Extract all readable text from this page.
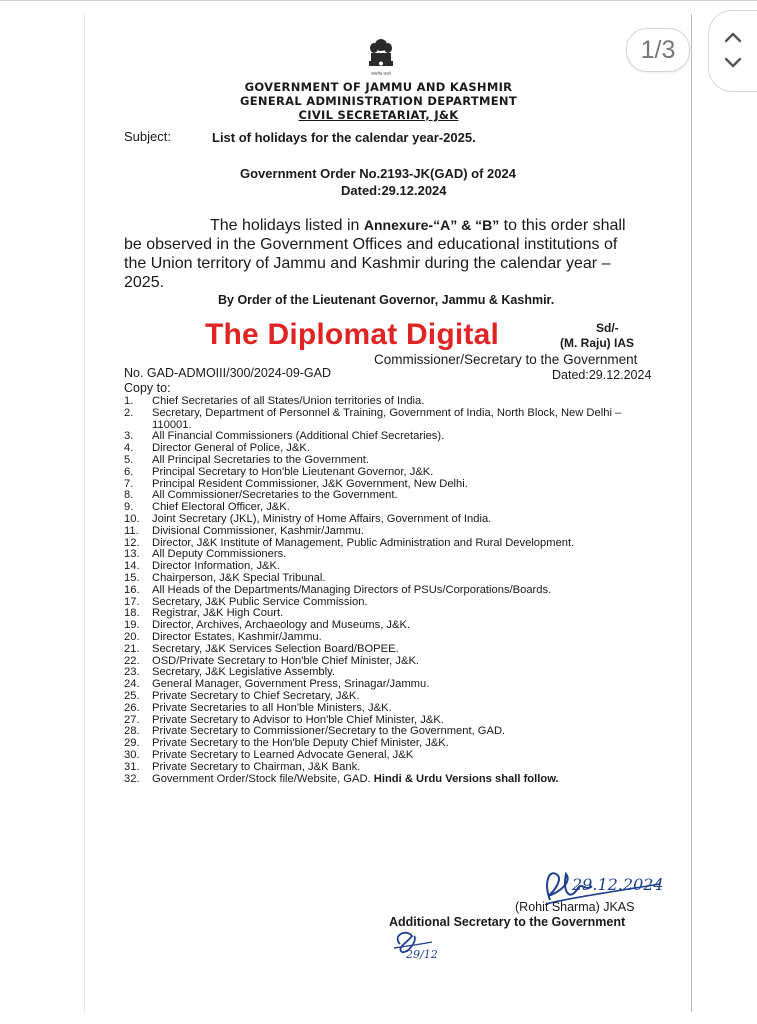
1/3
सत्यमेव जयते
GOVERNMENT OF JAMMU AND KASHMIR
GENERAL ADMINISTRATION DEPARTMENT
CIVIL SECRETARIAT, J&K
Subject:	List of holidays for the calendar year-2025.
Government Order No.2193-JK(GAD) of 2024
Dated:29.12.2024
The holidays listed in Annexure-“A” & “B” to this order shall
be observed in the Government Offices and educational institutions of
the Union territory of Jammu and Kashmir during the calendar year –
2025.
By Order of the Lieutenant Governor, Jammu & Kashmir.
The Diplomat Digital	Sd/-
(M. Raju) IAS
Commissioner/Secretary to the Government
No. GAD-ADMOIII/300/2024-09-GAD	Dated:29.12.2024
Copy to:
1.	Chief Secretaries of all States/Union territories of India.
2.	Secretary, Department of Personnel & Training, Government of India, North Block, New Delhi – 110001.
3.	All Financial Commissioners (Additional Chief Secretaries).
4.	Director General of Police, J&K.
5.	All Principal Secretaries to the Government.
6.	Principal Secretary to Hon'ble Lieutenant Governor, J&K.
7.	Principal Resident Commissioner, J&K Government, New Delhi.
8.	All Commissioner/Secretaries to the Government.
9.	Chief Electoral Officer, J&K.
10.	Joint Secretary (JKL), Ministry of Home Affairs, Government of India.
11.	Divisional Commissioner, Kashmir/Jammu.
12.	Director, J&K Institute of Management, Public Administration and Rural Development.
13.	All Deputy Commissioners.
14.	Director Information, J&K.
15.	Chairperson, J&K Special Tribunal.
16.	All Heads of the Departments/Managing Directors of PSUs/Corporations/Boards.
17.	Secretary, J&K Public Service Commission.
18.	Registrar, J&K High Court.
19.	Director, Archives, Archaeology and Museums, J&K.
20.	Director Estates, Kashmir/Jammu.
21.	Secretary, J&K Services Selection Board/BOPEE.
22.	OSD/Private Secretary to Hon'ble Chief Minister, J&K.
23.	Secretary, J&K Legislative Assembly.
24.	General Manager, Government Press, Srinagar/Jammu.
25.	Private Secretary to Chief Secretary, J&K.
26.	Private Secretaries to all Hon'ble Ministers, J&K.
27.	Private Secretary to Advisor to Hon'ble Chief Minister, J&K.
28.	Private Secretary to Commissioner/Secretary to the Government, GAD.
29.	Private Secretary to the Hon'ble Deputy Chief Minister, J&K.
30.	Private Secretary to Learned Advocate General, J&K
31.	Private Secretary to Chairman, J&K Bank.
32.	Government Order/Stock file/Website, GAD. Hindi & Urdu Versions shall follow.
29.12.2024
(Rohit Sharma) JKAS
Additional Secretary to the Government
29/12
